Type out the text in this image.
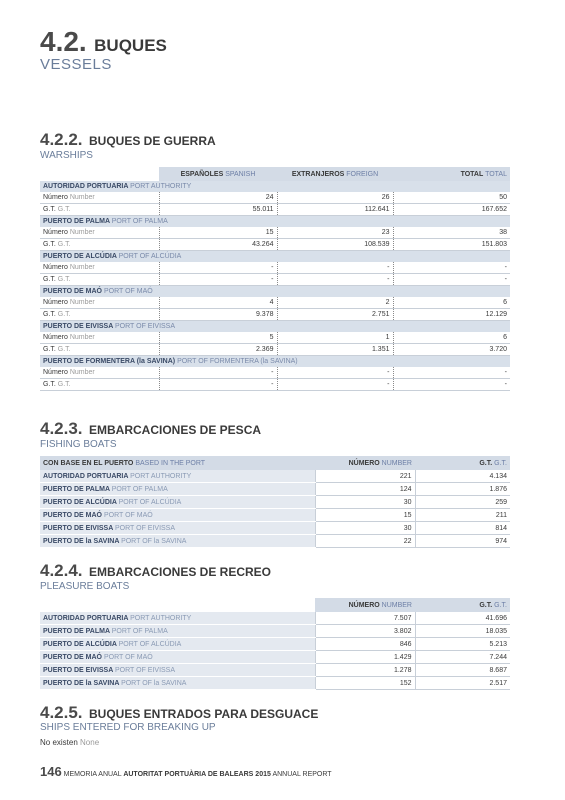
4.2. BUQUES
VESSELS
4.2.2. BUQUES DE GUERRA
WARSHIPS
	ESPAÑOLES SPANISH	EXTRANJEROS FOREIGN	TOTAL TOTAL
AUTORIDAD PORTUARIA PORT AUTHORITY			
Número Number	24	26	50
G.T. G.T.	55.011	112.641	167.652
PUERTO DE PALMA PORT OF PALMA			
Número Number	15	23	38
G.T. G.T.	43.264	108.539	151.803
PUERTO DE ALCÚDIA PORT OF ALCÚDIA			
Número Number	-	-	-
G.T. G.T.	-	-	-
PUERTO DE MAÓ PORT OF MAÓ			
Número Number	4	2	6
G.T. G.T.	9.378	2.751	12.129
PUERTO DE EIVISSA PORT OF EIVISSA			
Número Number	5	1	6
G.T. G.T.	2.369	1.351	3.720
PUERTO DE FORMENTERA (la SAVINA) PORT OF FORMENTERA (la SAVINA)			
Número Number	-	-	-
G.T. G.T.	-	-	-
4.2.3. EMBARCACIONES DE PESCA
FISHING BOATS
CON BASE EN EL PUERTO BASED IN THE PORT	NÚMERO NUMBER	G.T. G.T.
AUTORIDAD PORTUARIA PORT AUTHORITY	221	4.134
PUERTO DE PALMA PORT OF PALMA	124	1.876
PUERTO DE ALCÚDIA PORT OF ALCÚDIA	30	259
PUERTO DE MAÓ PORT OF MAÓ	15	211
PUERTO DE EIVISSA PORT OF EIVISSA	30	814
PUERTO DE la SAVINA PORT OF la SAVINA	22	974
4.2.4. EMBARCACIONES DE RECREO
PLEASURE BOATS
	NÚMERO NUMBER	G.T. G.T.
AUTORIDAD PORTUARIA PORT AUTHORITY	7.507	41.696
PUERTO DE PALMA PORT OF PALMA	3.802	18.035
PUERTO DE ALCÚDIA PORT OF ALCÚDIA	846	5.213
PUERTO DE MAÓ PORT OF MAÓ	1.429	7.244
PUERTO DE EIVISSA PORT OF EIVISSA	1.278	8.687
PUERTO DE la SAVINA PORT OF la SAVINA	152	2.517
4.2.5. BUQUES ENTRADOS PARA DESGUACE
SHIPS ENTERED FOR BREAKING UP
No existen None
146 MEMORIA ANUAL AUTORITAT PORTUÀRIA DE BALEARS 2015 ANNUAL REPORT
